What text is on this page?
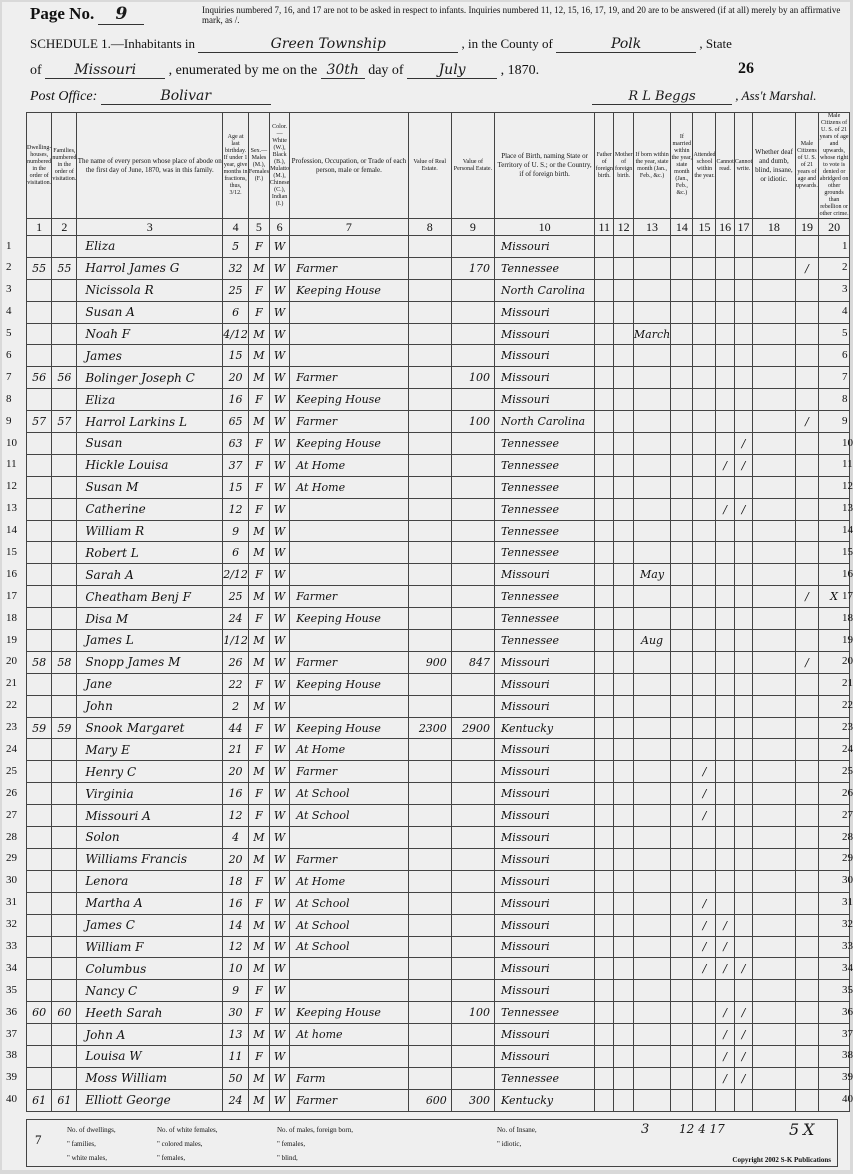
Page No. 9	Inquiries numbered 7, 16, and 17 are not to be asked in respect to infants. Inquiries numbered 11, 12, 15, 16, 17, 19, and 20 are to be answered (if at all) merely by an affirmative mark, as /.
SCHEDULE 1.—Inhabitants in	Green Township	, in the County of	Polk	, State
of Missouri , enumerated by me on the 30th day of July	, 1870.	26
Post Office:	Bolivar	R L Beggs	, Ass't Marshal.
Dwelling-houses, numbered in the order of visitation.	Families, numbered in the order of visitation.	The name of every person whose place of abode on the first day of June, 1870, was in this family.	Age at last birthday. If under 1 year, give months in fractions, thus, 3/12.	Sex.—Males (M.), Females (F.)	Color.—White (W.), Black (B.), Mulatto (M.), Chinese (C.), Indian (I.)	Profession, Occupation, or Trade of each person, male or female.	Value of Real Estate.	Value of Personal Estate.	Place of Birth, naming State or Territory of U. S.; or the Country, if of foreign birth.	Father of foreign birth.	Mother of foreign birth.	If born within the year, state month (Jan., Feb., &c.)	If married within the year, state month (Jan., Feb., &c.)	Attended school within the year.	Cannot read.	Cannot write.	Whether deaf and dumb, blind, insane, or idiotic.	Male Citizens of U. S. of 21 years of age and upwards.	Male Citizens of U. S. of 21 years of age and upwards, whose right to vote is denied or abridged on other grounds than rebellion or other crime.
1	2	3	4	5	6	7	8	9	10	11	12	13	14	15	16	17	18	19	20
		Eliza	5	F	W				Missouri										
55	55	Harrol James G	32	M	W	Farmer		170	Tennessee									/	
		Nicissola R	25	F	W	Keeping House			North Carolina										
		Susan A	6	F	W				Missouri										
		Noah F	4/12	M	W				Missouri			March							
		James	15	M	W				Missouri										
56	56	Bolinger Joseph C	20	M	W	Farmer		100	Missouri										
		Eliza	16	F	W	Keeping House			Missouri										
57	57	Harrol Larkins L	65	M	W	Farmer		100	North Carolina									/	
		Susan	63	F	W	Keeping House			Tennessee							/			
		Hickle Louisa	37	F	W	At Home			Tennessee						/	/			
		Susan M	15	F	W	At Home			Tennessee										
		Catherine	12	F	W				Tennessee						/	/			
		William R	9	M	W				Tennessee										
		Robert L	6	M	W				Tennessee										
		Sarah A	2/12	F	W				Missouri			May							
		Cheatham Benj F	25	M	W	Farmer			Tennessee									/	X
		Disa M	24	F	W	Keeping House			Tennessee										
		James L	1/12	M	W				Tennessee			Aug							
58	58	Snopp James M	26	M	W	Farmer	900	847	Missouri									/	
		Jane	22	F	W	Keeping House			Missouri										
		John	2	M	W				Missouri										
59	59	Snook Margaret	44	F	W	Keeping House	2300	2900	Kentucky										
		Mary E	21	F	W	At Home			Missouri										
		Henry C	20	M	W	Farmer			Missouri					/					
		Virginia	16	F	W	At School			Missouri					/					
		Missouri A	12	F	W	At School			Missouri					/					
		Solon	4	M	W				Missouri										
		Williams Francis	20	M	W	Farmer			Missouri										
		Lenora	18	F	W	At Home			Missouri										
		Martha A	16	F	W	At School			Missouri					/					
		James C	14	M	W	At School			Missouri					/	/				
		William F	12	M	W	At School			Missouri					/	/				
		Columbus	10	M	W				Missouri					/	/	/			
		Nancy C	9	F	W				Missouri										
60	60	Heeth Sarah	30	F	W	Keeping House		100	Tennessee						/	/			
		John A	13	M	W	At home			Missouri						/	/			
		Louisa W	11	F	W				Missouri						/	/			
		Moss William	50	M	W	Farm			Tennessee						/	/			
61	61	Elliott George	24	M	W	Farmer	600	300	Kentucky										
1
2
3
4
5
6
7
8
9
10
11
12
13
14
15
16
17
18
19
20
21
22
23
24
25
26
27
28
29
30
31
32
33
34
35
36
37
38
39
40
7
No. of dwellings,
" families,
" white males,
No. of white females,
" colored males,
" females,
No. of males, foreign born,
" females,
" blind,
No. of Insane,
" idiotic,
3 12 4 17	5 X
Copyright 2002 S-K Publications
1
2
3
4
5
6
7
8
9
10
11
12
13
14
15
16
17
18
19
20
21
22
23
24
25
26
27
28
29
30
31
32
33
34
35
36
37
38
39
40
